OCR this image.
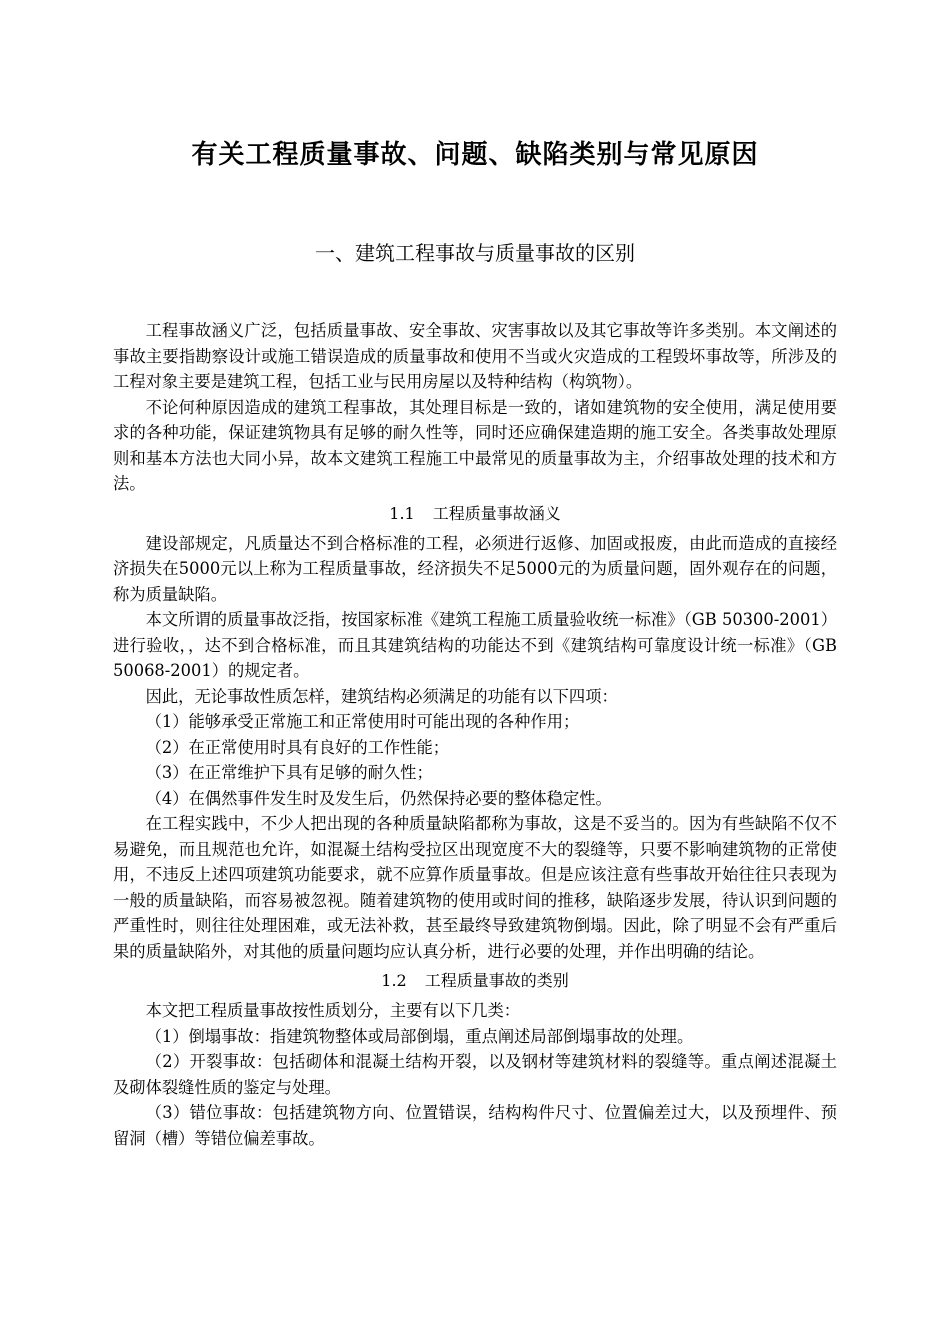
有关工程质量事故、问题、缺陷类别与常见原因
一、建筑工程事故与质量事故的区别

工程事故涵义广泛，包括质量事故、安全事故、灾害事故以及其它事故等许多类别。本文阐述的事故主要指勘察设计或施工错误造成的质量事故和使用不当或火灾造成的工程毁坏事故等，所涉及的工程对象主要是建筑工程，包括工业与民用房屋以及特种结构（构筑物）。

不论何种原因造成的建筑工程事故，其处理目标是一致的，诸如建筑物的安全使用，满足使用要求的各种功能，保证建筑物具有足够的耐久性等，同时还应确保建造期的施工安全。各类事故处理原则和基本方法也大同小异，故本文建筑工程施工中最常见的质量事故为主，介绍事故处理的技术和方法。

1.1 工程质量事故涵义

建设部规定，凡质量达不到合格标准的工程，必须进行返修、加固或报废，由此而造成的直接经济损失在5000元以上称为工程质量事故，经济损失不足5000元的为质量问题，固外观存在的问题，称为质量缺陷。

本文所谓的质量事故泛指，按国家标准《建筑工程施工质量验收统一标准》（GB 50300-2001）进行验收，，达不到合格标准，而且其建筑结构的功能达不到《建筑结构可靠度设计统一标准》（GB 50068-2001）的规定者。

因此，无论事故性质怎样，建筑结构必须满足的功能有以下四项：

（1）能够承受正常施工和正常使用时可能出现的各种作用；

（2）在正常使用时具有良好的工作性能；

（3）在正常维护下具有足够的耐久性；

（4）在偶然事件发生时及发生后，仍然保持必要的整体稳定性。

在工程实践中，不少人把出现的各种质量缺陷都称为事故，这是不妥当的。因为有些缺陷不仅不易避免，而且规范也允许，如混凝土结构受拉区出现宽度不大的裂缝等，只要不影响建筑物的正常使用，不违反上述四项建筑功能要求，就不应算作质量事故。但是应该注意有些事故开始往往只表现为一般的质量缺陷，而容易被忽视。随着建筑物的使用或时间的推移，缺陷逐步发展，待认识到问题的严重性时，则往往处理困难，或无法补救，甚至最终导致建筑物倒塌。因此，除了明显不会有严重后果的质量缺陷外，对其他的质量问题均应认真分析，进行必要的处理，并作出明确的结论。

1.2 工程质量事故的类别

本文把工程质量事故按性质划分，主要有以下几类：

（1）倒塌事故：指建筑物整体或局部倒塌，重点阐述局部倒塌事故的处理。

（2）开裂事故：包括砌体和混凝土结构开裂，以及钢材等建筑材料的裂缝等。重点阐述混凝土及砌体裂缝性质的鉴定与处理。

（3）错位事故：包括建筑物方向、位置错误，结构构件尺寸、位置偏差过大，以及预埋件、预留洞（槽）等错位偏差事故。
